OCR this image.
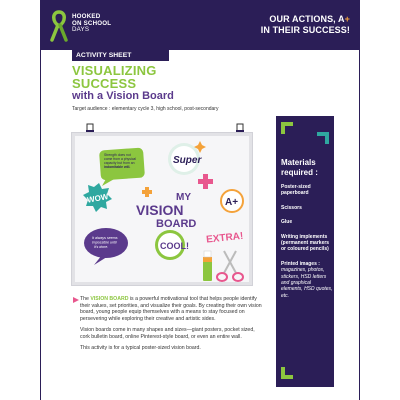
HOOKED
ON SCHOOL
DAYS
OUR ACTIONS, A+
IN THEIR SUCCESS!
ACTIVITY SHEET
VISUALIZING
SUCCESS
with a Vision Board
Target audience : elementary cycle 3, high school, post-secondary
Strength does not come from a physical capacity but from an indomitable will.
Super
WOW	MY
VISION
BOARD
A+
It always seems impossible until it's done.	COOL!
EXTRA!
Materials required :
Poster-sized paperboard
Scissors
Glue
Writing implements (permanent markers or coloured pencils)
Printed images : magazines, photos, stickers, HSD letters and graphical elements, HSD quotes, etc.

The VISION BOARD is a powerful motivational tool that helps people identify their values, set priorities, and visualize their goals. By creating their own vision board, young people equip themselves with a means to stay focused on persevering while exploring their creative and artistic sides.

Vision boards come in many shapes and sizes—giant posters, pocket sized, cork bulletin board, online Pinterest-style board, or even an entire wall.

This activity is for a typical poster-sized vision board.
